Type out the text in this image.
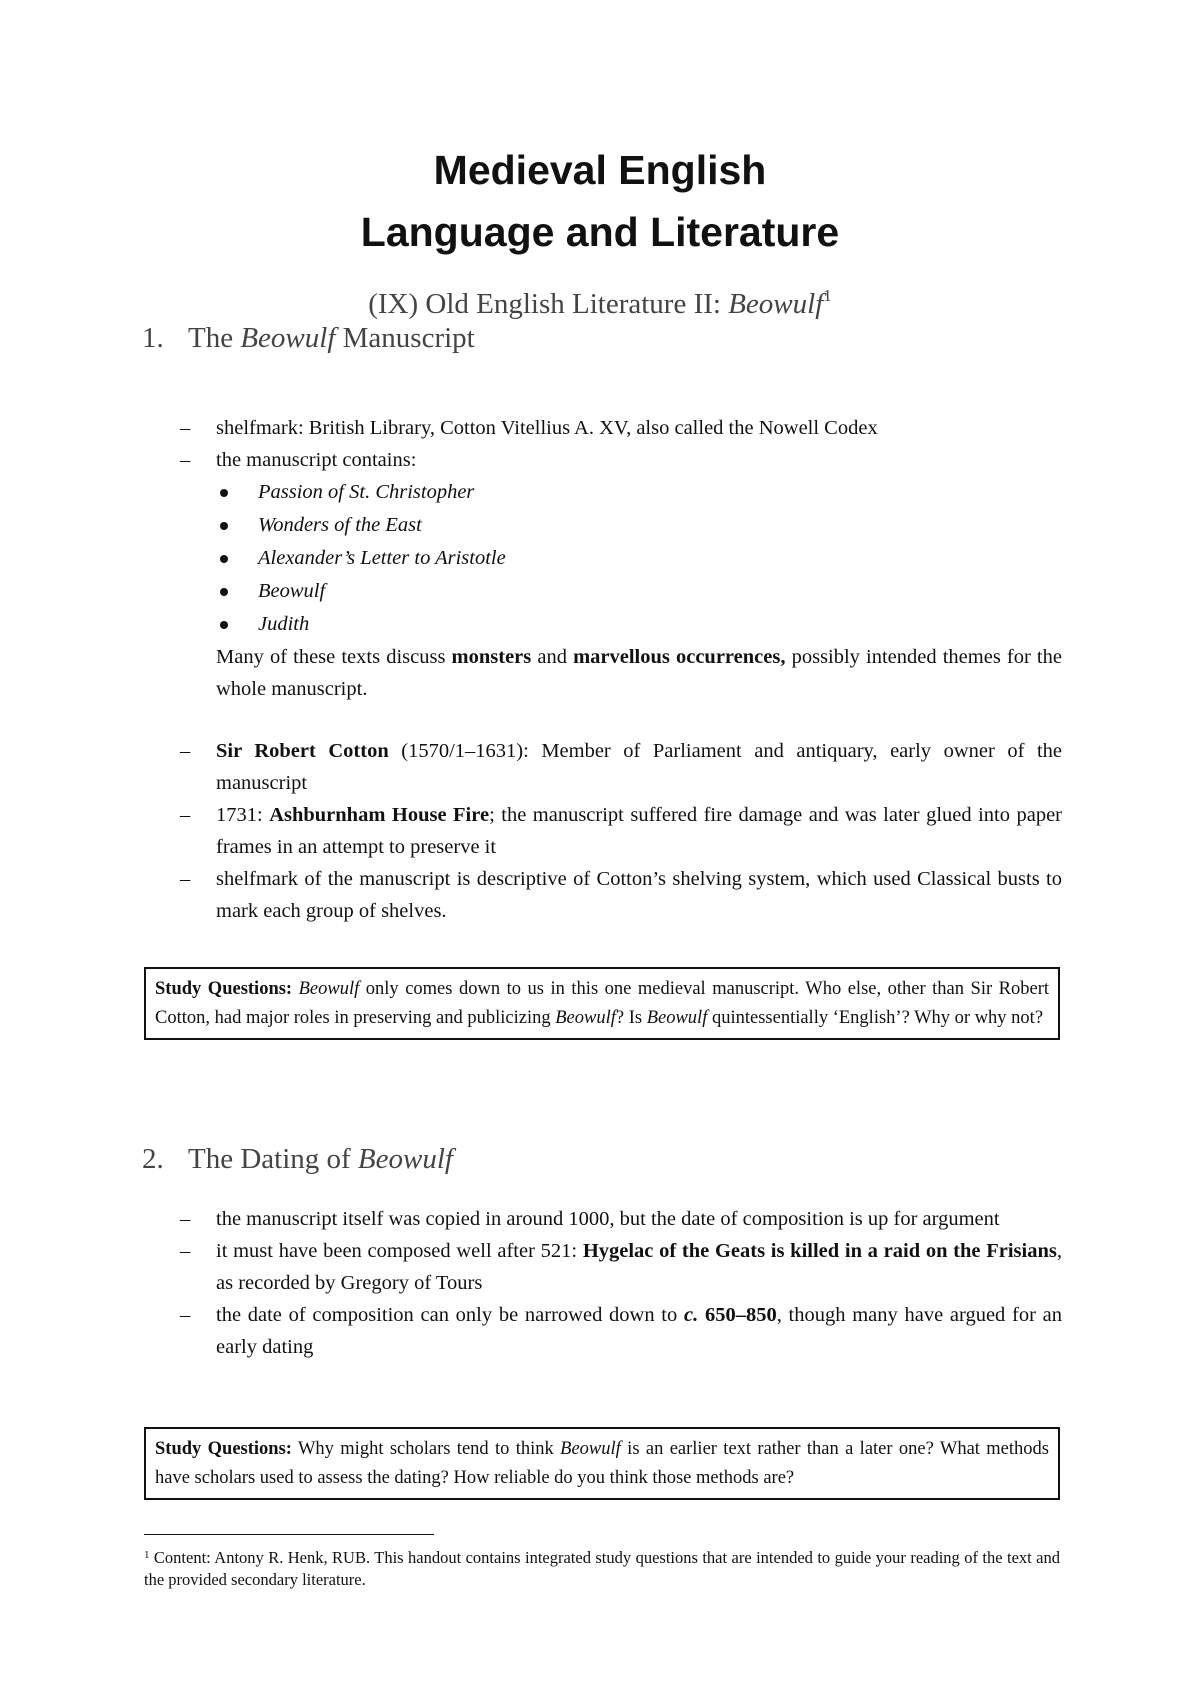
Medieval English
Language and Literature

(IX) Old English Literature II: Beowulf$^1$

1. The Beowulf Manuscript
– shelfmark: British Library, Cotton Vitellius A. XV, also called the Nowell Codex
– the manuscript contains:
Passion of St. Christopher
Wonders of the East
Alexander’s Letter to Aristotle
Beowulf
Judith

Many of these texts discuss monsters and marvellous occurrences, possibly intended themes for the whole manuscript.

– Sir Robert Cotton (1570/1–1631): Member of Parliament and antiquary, early owner of the manuscript
– 1731: Ashburnham House Fire; the manuscript suffered fire damage and was later glued into paper frames in an attempt to preserve it
– shelfmark of the manuscript is descriptive of Cotton’s shelving system, which used Classical busts to mark each group of shelves.
Study Questions: Beowulf only comes down to us in this one medieval manuscript. Who else, other than Sir Robert Cotton, had major roles in preserving and publicizing Beowulf? Is Beowulf quintessentially ‘English’? Why or why not?
2. The Dating of Beowulf
– the manuscript itself was copied in around 1000, but the date of composition is up for argument
– it must have been composed well after 521: Hygelac of the Geats is killed in a raid on the Frisians, as recorded by Gregory of Tours
– the date of composition can only be narrowed down to c. 650–850, though many have argued for an early dating
Study Questions: Why might scholars tend to think Beowulf is an earlier text rather than a later one? What methods have scholars used to assess the dating? How reliable do you think those methods are?

$^1$ Content: Antony R. Henk, RUB. This handout contains integrated study questions that are intended to guide your reading of the text and the provided secondary literature.
